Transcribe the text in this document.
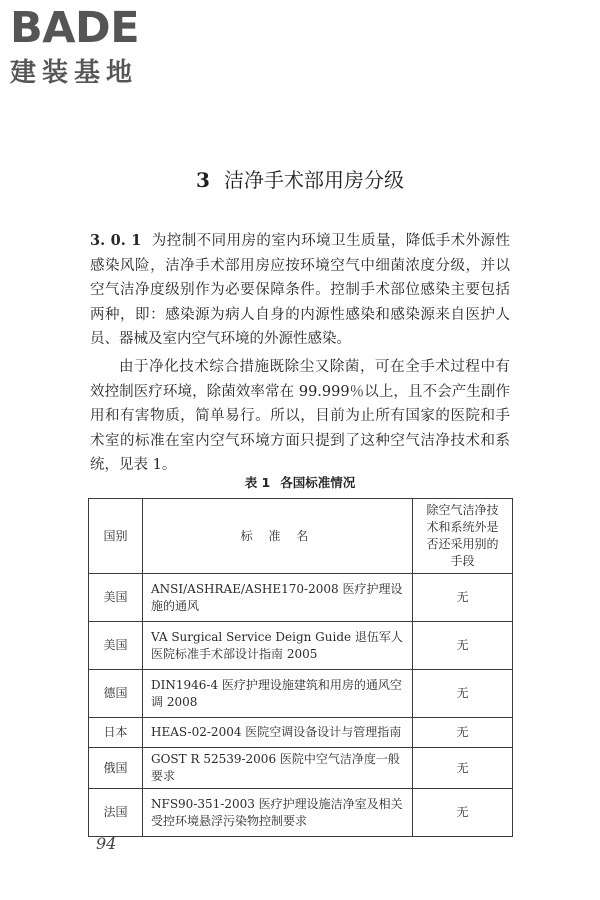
BADE
建装基地
3 洁净手术部用房分级

3. 0. 1 为控制不同用房的室内环境卫生质量，降低手术外源性感染风险，洁净手术部用房应按环境空气中细菌浓度分级，并以空气洁净度级别作为必要保障条件。控制手术部位感染主要包括两种，即：感染源为病人自身的内源性感染和感染源来自医护人员、器械及室内空气环境的外源性感染。

由于净化技术综合措施既除尘又除菌，可在全手术过程中有效控制医疗环境，除菌效率常在 99.999％以上，且不会产生副作用和有害物质，简单易行。所以，目前为止所有国家的医院和手术室的标准在室内空气环境方面只提到了这种空气洁净技术和系统，见表 1。

表 1 各国标准情况
国别	标 准 名	除空气洁净技术和系统外是否还采用别的手段
美国	ANSI/ASHRAE/ASHE170-2008 医疗护理设施的通风	无
美国	VA Surgical Service Deign Guide 退伍军人医院标准手术部设计指南 2005	无
德国	DIN1946-4 医疗护理设施建筑和用房的通风空调 2008	无
日本	HEAS-02-2004 医院空调设备设计与管理指南	无
俄国	GOST R 52539-2006 医院中空气洁净度一般要求	无
法国	NFS90-351-2003 医疗护理设施洁净室及相关受控环境悬浮污染物控制要求	无
94
